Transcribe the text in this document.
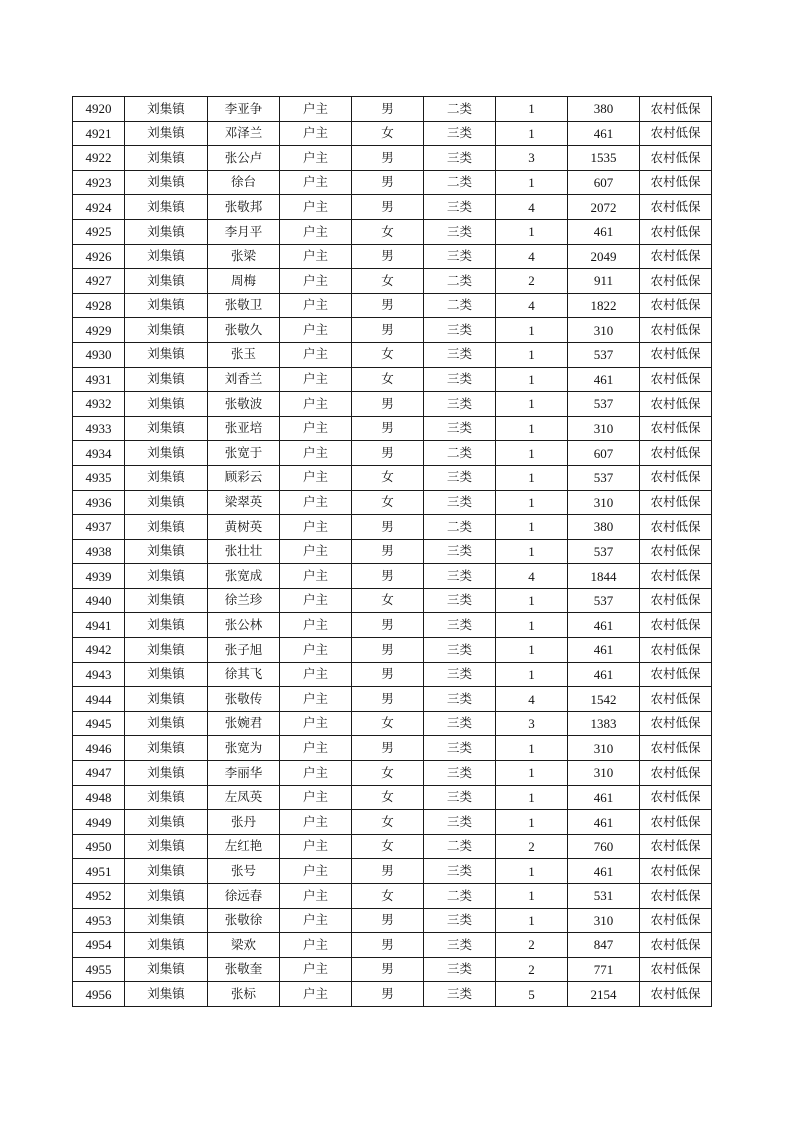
4920	刘集镇	李亚争	户主	男	二类	1	380	农村低保
4921	刘集镇	邓泽兰	户主	女	三类	1	461	农村低保
4922	刘集镇	张公卢	户主	男	三类	3	1535	农村低保
4923	刘集镇	徐台	户主	男	二类	1	607	农村低保
4924	刘集镇	张敬邦	户主	男	三类	4	2072	农村低保
4925	刘集镇	李月平	户主	女	三类	1	461	农村低保
4926	刘集镇	张梁	户主	男	三类	4	2049	农村低保
4927	刘集镇	周梅	户主	女	二类	2	911	农村低保
4928	刘集镇	张敬卫	户主	男	二类	4	1822	农村低保
4929	刘集镇	张敬久	户主	男	三类	1	310	农村低保
4930	刘集镇	张玉	户主	女	三类	1	537	农村低保
4931	刘集镇	刘香兰	户主	女	三类	1	461	农村低保
4932	刘集镇	张敬波	户主	男	三类	1	537	农村低保
4933	刘集镇	张亚培	户主	男	三类	1	310	农村低保
4934	刘集镇	张宽于	户主	男	二类	1	607	农村低保
4935	刘集镇	顾彩云	户主	女	三类	1	537	农村低保
4936	刘集镇	梁翠英	户主	女	三类	1	310	农村低保
4937	刘集镇	黄树英	户主	男	二类	1	380	农村低保
4938	刘集镇	张壮壮	户主	男	三类	1	537	农村低保
4939	刘集镇	张宽成	户主	男	三类	4	1844	农村低保
4940	刘集镇	徐兰珍	户主	女	三类	1	537	农村低保
4941	刘集镇	张公林	户主	男	三类	1	461	农村低保
4942	刘集镇	张子旭	户主	男	三类	1	461	农村低保
4943	刘集镇	徐其飞	户主	男	三类	1	461	农村低保
4944	刘集镇	张敬传	户主	男	三类	4	1542	农村低保
4945	刘集镇	张婉君	户主	女	三类	3	1383	农村低保
4946	刘集镇	张宽为	户主	男	三类	1	310	农村低保
4947	刘集镇	李丽华	户主	女	三类	1	310	农村低保
4948	刘集镇	左凤英	户主	女	三类	1	461	农村低保
4949	刘集镇	张丹	户主	女	三类	1	461	农村低保
4950	刘集镇	左红艳	户主	女	二类	2	760	农村低保
4951	刘集镇	张号	户主	男	三类	1	461	农村低保
4952	刘集镇	徐远春	户主	女	二类	1	531	农村低保
4953	刘集镇	张敬徐	户主	男	三类	1	310	农村低保
4954	刘集镇	梁欢	户主	男	三类	2	847	农村低保
4955	刘集镇	张敬奎	户主	男	三类	2	771	农村低保
4956	刘集镇	张标	户主	男	三类	5	2154	农村低保
